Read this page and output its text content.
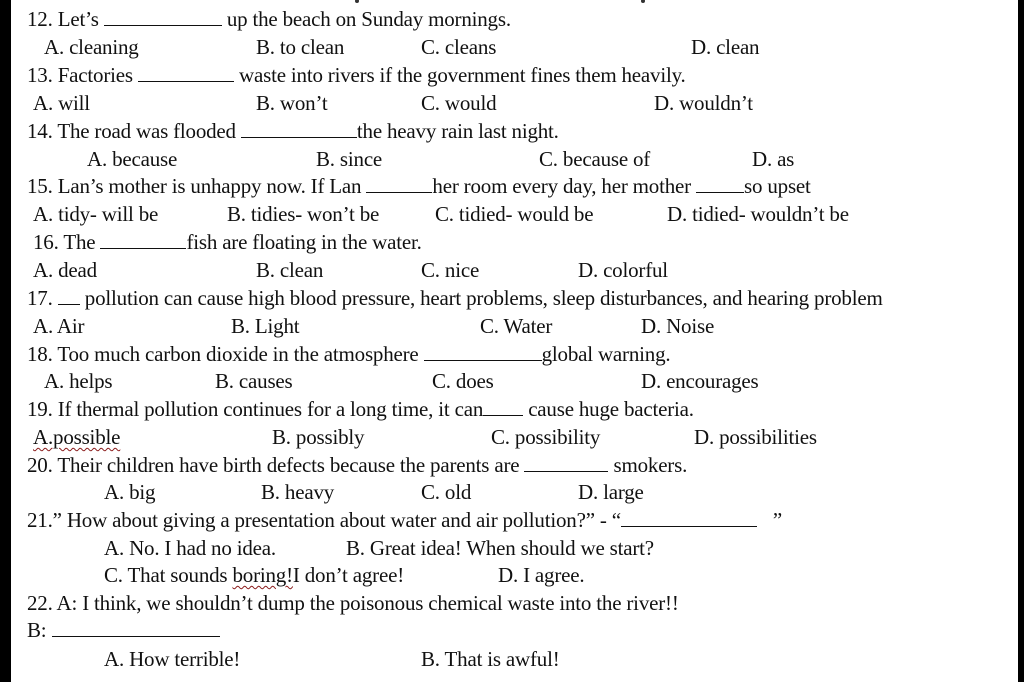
12. Let’s	up the beach on Sunday mornings.
A. cleaning	B. to clean	C. cleans	D. clean
13. Factories	waste into rivers if the government fines them heavily.
A. will	B. won’t	C. would	D. wouldn’t
14. The road was flooded	the heavy rain last night.
A. because	B. since	C. because of	D. as
15. Lan’s mother is unhappy now. If Lan	her room every day, her mother	so upset
A. tidy- will be	B. tidies- won’t be	C. tidied- would be	D. tidied- wouldn’t be
16. The	fish are floating in the water.
A. dead	B. clean	C. nice	D. colorful
17. pollution can cause high blood pressure, heart problems, sleep disturbances, and hearing problem
A. Air	B. Light	C. Water	D. Noise
18. Too much carbon dioxide in the atmosphere	global warning.
A. helps	B. causes	C. does	D. encourages
19. If thermal pollution continues for a long time, it can cause huge bacteria.
A.possible	B. possibly	C. possibility	D. possibilities
20. Their children have birth defects because the parents are	smokers.
A. big	B. heavy	C. old	D. large
21.” How about giving a presentation about water and air pollution?” - “	”
A. No. I had no idea.	B. Great idea! When should we start?
C. That sounds boring!I don’t agree!	D. I agree.
22. A: I think, we shouldn’t dump the poisonous chemical waste into the river!!
B:
A. How terrible!	B. That is awful!
